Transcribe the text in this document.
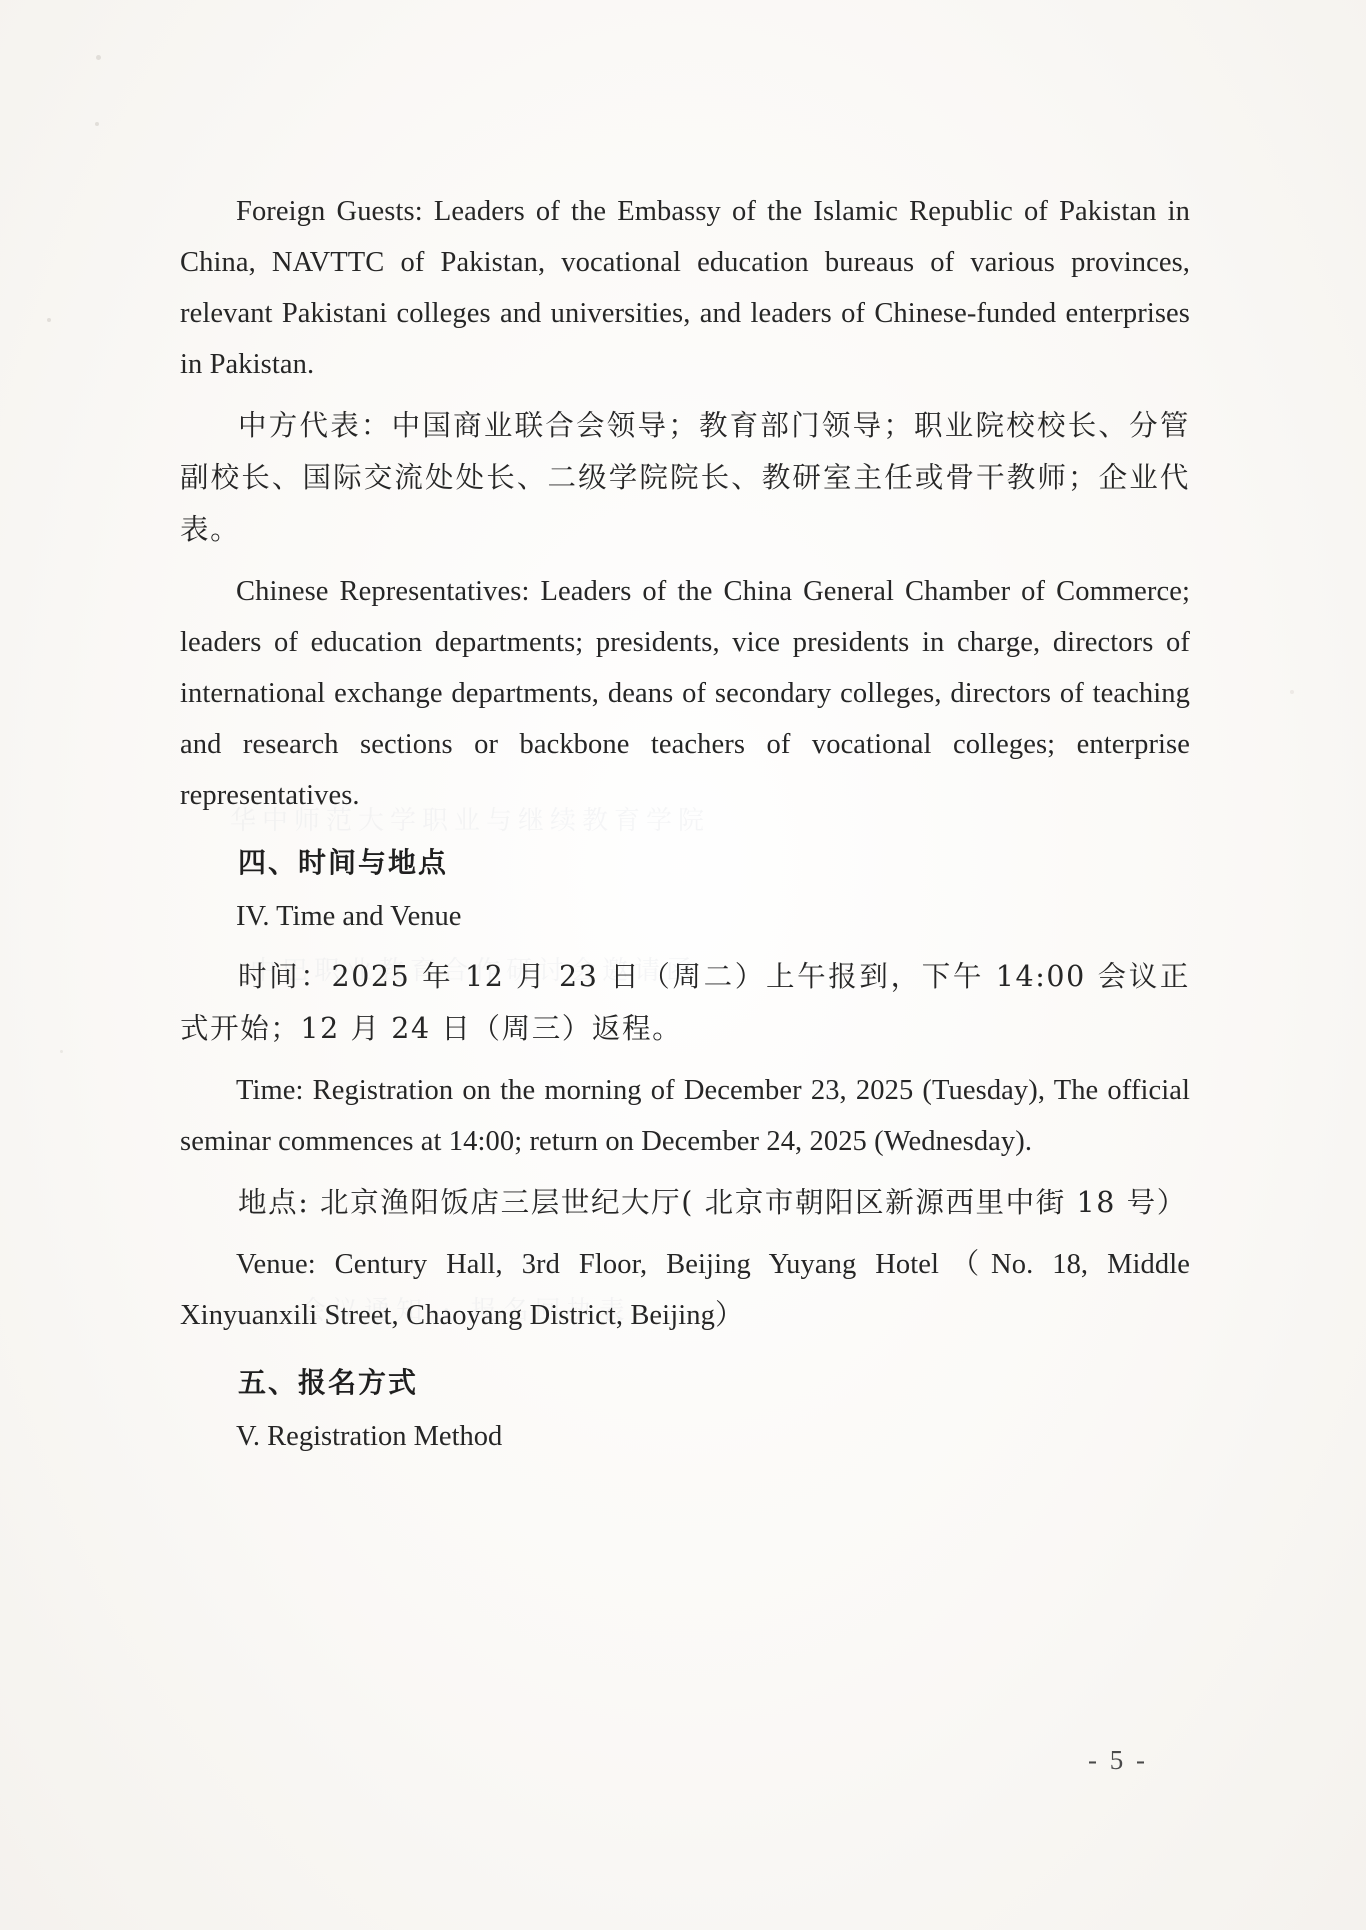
Foreign Guests: Leaders of the Embassy of the Islamic Republic of Pakistan in China, NAVTTC of Pakistan, vocational education bureaus of various provinces, relevant Pakistani colleges and universities, and leaders of Chinese-funded enterprises in Pakistan.

中方代表：中国商业联合会领导；教育部门领导；职业院校校长、分管副校长、国际交流处处长、二级学院院长、教研室主任或骨干教师；企业代表。

Chinese Representatives: Leaders of the China General Chamber of Commerce; leaders of education departments; presidents, vice presidents in charge, directors of international exchange departments, deans of secondary colleges, directors of teaching and research sections or backbone teachers of vocational colleges; enterprise representatives.

四、时间与地点

IV. Time and Venue

时间：2025 年 12 月 23 日（周二）上午报到，下午 14:00 会议正式开始；12 月 24 日（周三）返程。

Time: Registration on the morning of December 23, 2025 (Tuesday), The official seminar commences at 14:00; return on December 24, 2025 (Wednesday).

地点: 北京渔阳饭店三层世纪大厅( 北京市朝阳区新源西里中街 18 号）

Venue: Century Hall, 3rd Floor, Beijing Yuyang Hotel（No. 18, Middle Xinyuanxili Street, Chaoyang District, Beijing）

五、报名方式

V. Registration Method

- 5 -
